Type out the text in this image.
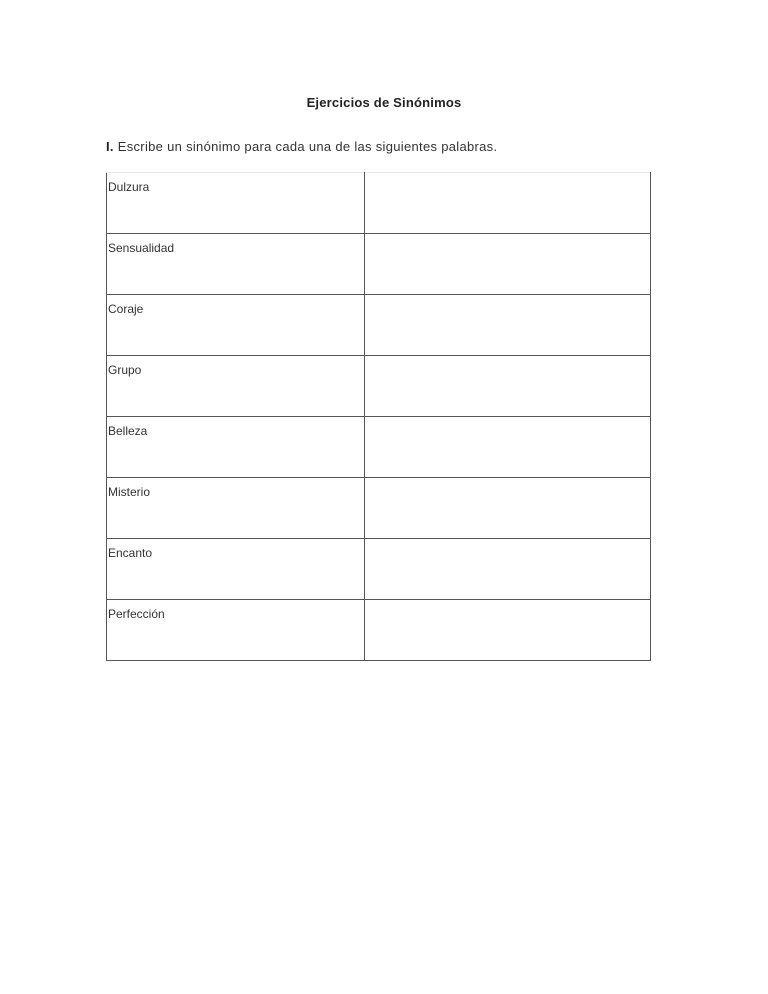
Ejercicios de Sinónimos
I. Escribe un sinónimo para cada una de las siguientes palabras.
Dulzura	
Sensualidad	
Coraje	
Grupo	
Belleza	
Misterio	
Encanto	
Perfección	
